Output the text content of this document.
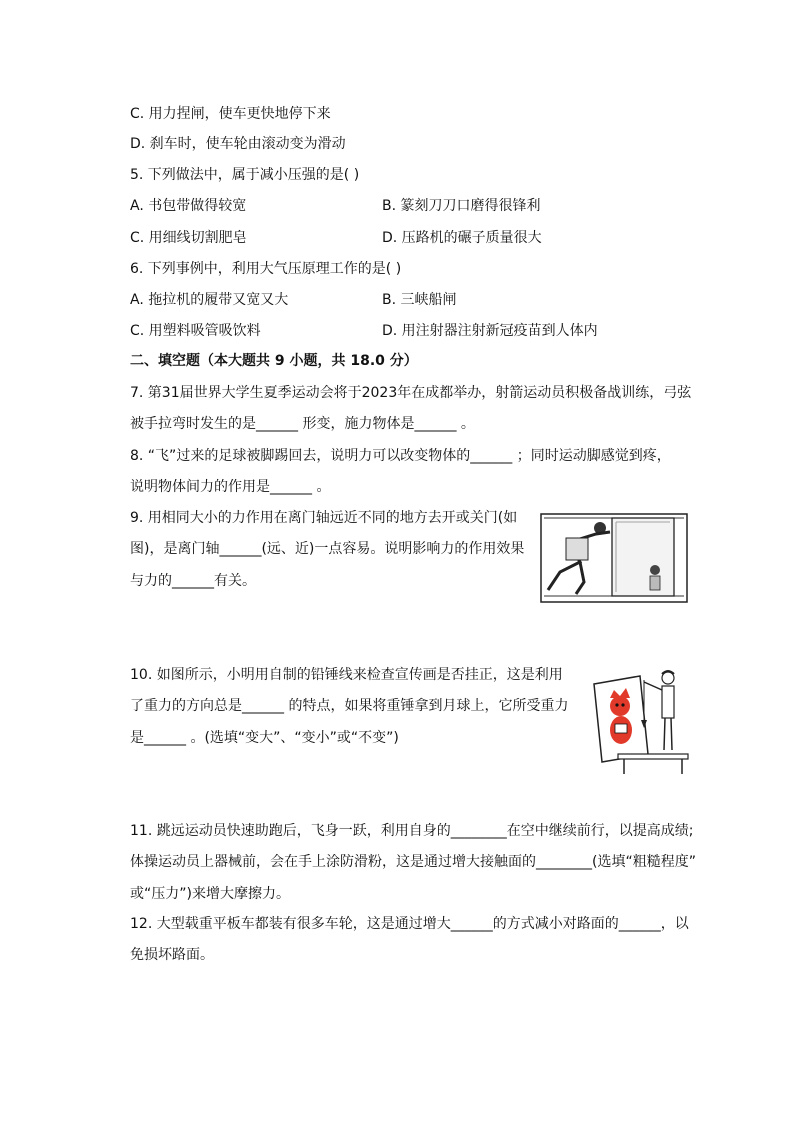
C. 用力捏闸，使车更快地停下来
D. 刹车时，使车轮由滚动变为滑动
5. 下列做法中，属于减小压强的是( )
A. 书包带做得较宽	B. 篆刻刀刀口磨得很锋利
C. 用细线切割肥皂	D. 压路机的碾子质量很大
6. 下列事例中，利用大气压原理工作的是( )
A. 拖拉机的履带又宽又大	B. 三峡船闸
C. 用塑料吸管吸饮料	D. 用注射器注射新冠疫苗到人体内
二、填空题（本大题共 9 小题，共 18.0 分）
7. 第31届世界大学生夏季运动会将于2023年在成都举办，射箭运动员积极备战训练，弓弦
被手拉弯时发生的是______ 形变，施力物体是______ 。
8. “飞”过来的足球被脚踢回去，说明力可以改变物体的______ ；同时运动脚感觉到疼，
说明物体间力的作用是______ 。
9. 用相同大小的力作用在离门轴远近不同的地方去开或关门(如
图)，是离门轴______(远、近)一点容易。说明影响力的作用效果
与力的______有关。
10. 如图所示，小明用自制的铅锤线来检查宣传画是否挂正，这是利用
了重力的方向总是______ 的特点，如果将重锤拿到月球上，它所受重力
是______ 。(选填“变大”、“变小”或“不变”)
11. 跳远运动员快速助跑后，飞身一跃，利用自身的________在空中继续前行，以提高成绩;
体操运动员上器械前，会在手上涂防滑粉，这是通过增大接触面的________(选填“粗糙程度”
或“压力”)来增大摩擦力。
12. 大型载重平板车都装有很多车轮，这是通过增大______的方式减小对路面的______，以
免损坏路面。
